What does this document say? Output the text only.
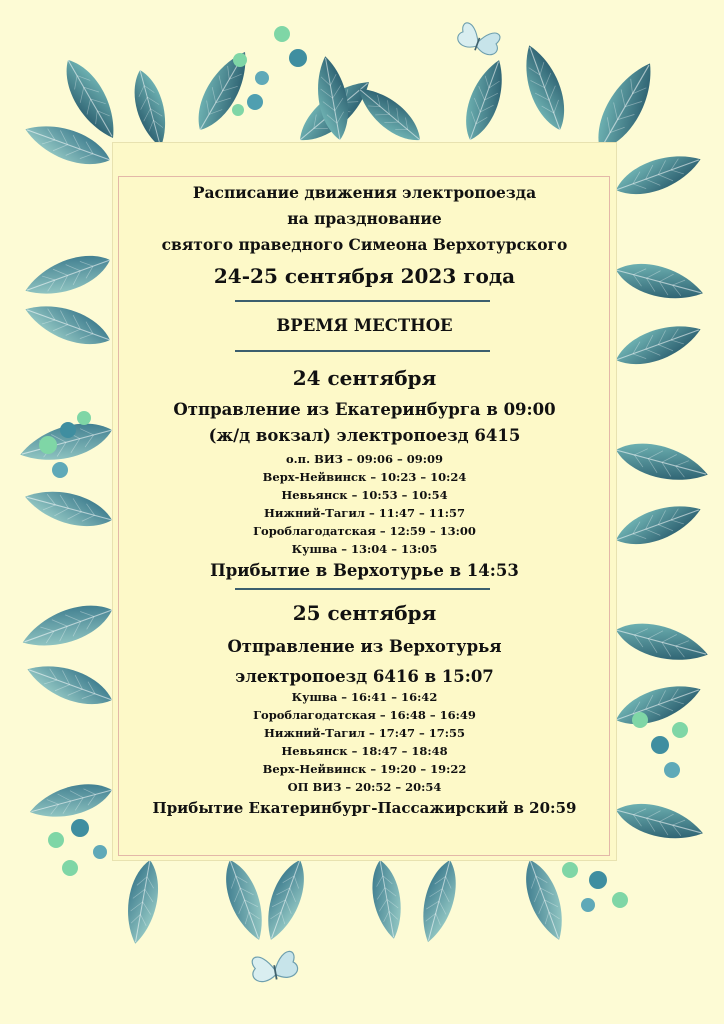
Расписание движения электропоезда
на празднование
святого праведного Симеона Верхотурского
24-25 сентября 2023 года
ВРЕМЯ МЕСТНОЕ
24 сентября
Отправление из Екатеринбурга в 09:00
(ж/д вокзал) электропоезд 6415
о.п. ВИЗ – 09:06 – 09:09
Верх-Нейвинск – 10:23 – 10:24
Невьянск – 10:53 – 10:54
Нижний-Тагил – 11:47 – 11:57
Гороблагодатская – 12:59 – 13:00
Кушва – 13:04 – 13:05
Прибытие в Верхотурье в 14:53
25 сентября
Отправление из Верхотурья
электропоезд 6416 в 15:07
Кушва – 16:41 – 16:42
Гороблагодатская – 16:48 – 16:49
Нижний-Тагил – 17:47 – 17:55
Невьянск – 18:47 – 18:48
Верх-Нейвинск – 19:20 – 19:22
ОП ВИЗ – 20:52 – 20:54
Прибытие Екатеринбург-Пассажирский в 20:59
